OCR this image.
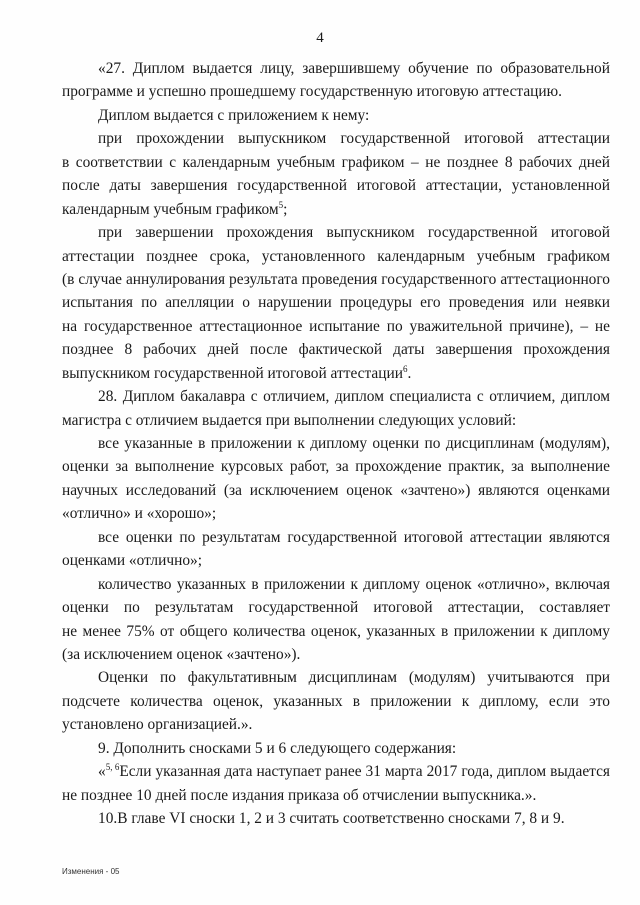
4
«27. Диплом выдается лицу, завершившему обучение по образовательной
программе и успешно прошедшему государственную итоговую аттестацию.
Диплом выдается с приложением к нему:
при прохождении выпускником государственной итоговой аттестации
в соответствии с календарным учебным графиком – не позднее 8 рабочих дней
после даты завершения государственной итоговой аттестации, установленной
календарным учебным графиком$^5$;
при завершении прохождения выпускником государственной итоговой
аттестации позднее срока, установленного календарным учебным графиком
(в случае аннулирования результата проведения государственного аттестационного
испытания по апелляции о нарушении процедуры его проведения или неявки
на государственное аттестационное испытание по уважительной причине), – не
позднее 8 рабочих дней после фактической даты завершения прохождения
выпускником государственной итоговой аттестации$^6$.
28. Диплом бакалавра с отличием, диплом специалиста с отличием, диплом
магистра с отличием выдается при выполнении следующих условий:
все указанные в приложении к диплому оценки по дисциплинам (модулям),
оценки за выполнение курсовых работ, за прохождение практик, за выполнение
научных исследований (за исключением оценок «зачтено») являются оценками
«отлично» и «хорошо»;
все оценки по результатам государственной итоговой аттестации являются
оценками «отлично»;
количество указанных в приложении к диплому оценок «отлично», включая
оценки по результатам государственной итоговой аттестации, составляет
не менее 75% от общего количества оценок, указанных в приложении к диплому
(за исключением оценок «зачтено»).
Оценки по факультативным дисциплинам (модулям) учитываются при
подсчете количества оценок, указанных в приложении к диплому, если это
установлено организацией.».
9. Дополнить сносками 5 и 6 следующего содержания:
«$^{5, 6}$Если указанная дата наступает ранее 31 марта 2017 года, диплом выдается
не позднее 10 дней после издания приказа об отчислении выпускника.».
10.В главе VI сноски 1, 2 и 3 считать соответственно сносками 7, 8 и 9.
Изменения - 05
